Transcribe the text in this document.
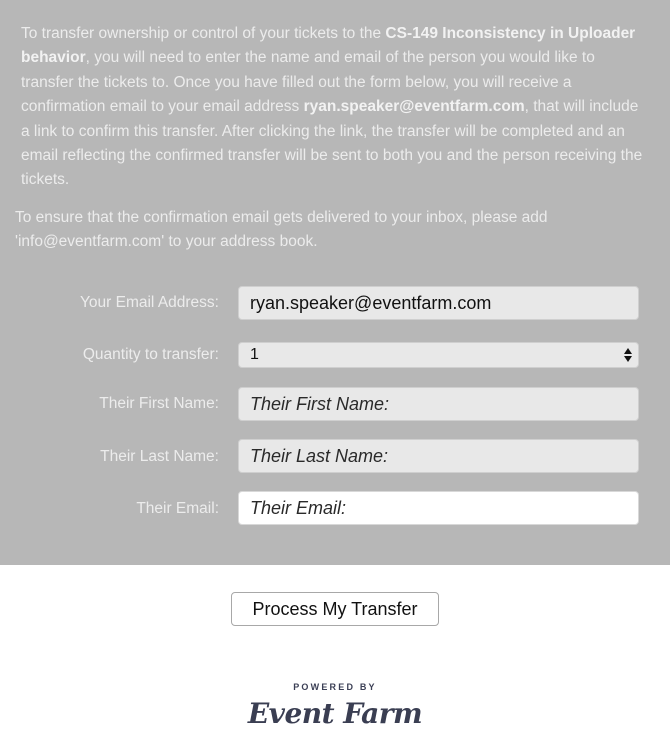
To transfer ownership or control of your tickets to the CS-149 Inconsistency in Uploader behavior, you will need to enter the name and email of the person you would like to transfer the tickets to. Once you have filled out the form below, you will receive a confirmation email to your email address ryan.speaker@eventfarm.com, that will include a link to confirm this transfer. After clicking the link, the transfer will be completed and an email reflecting the confirmed transfer will be sent to both you and the person receiving the tickets.

To ensure that the confirmation email gets delivered to your inbox, please add 'info@eventfarm.com' to your address book.

Your Email Address:
ryan.speaker@eventfarm.com
Quantity to transfer:	1
Their First Name:
Their First Name:
Their Last Name:
Their Last Name:
Their Email:
Their Email:
Process My Transfer
POWERED BY
Event Farm
